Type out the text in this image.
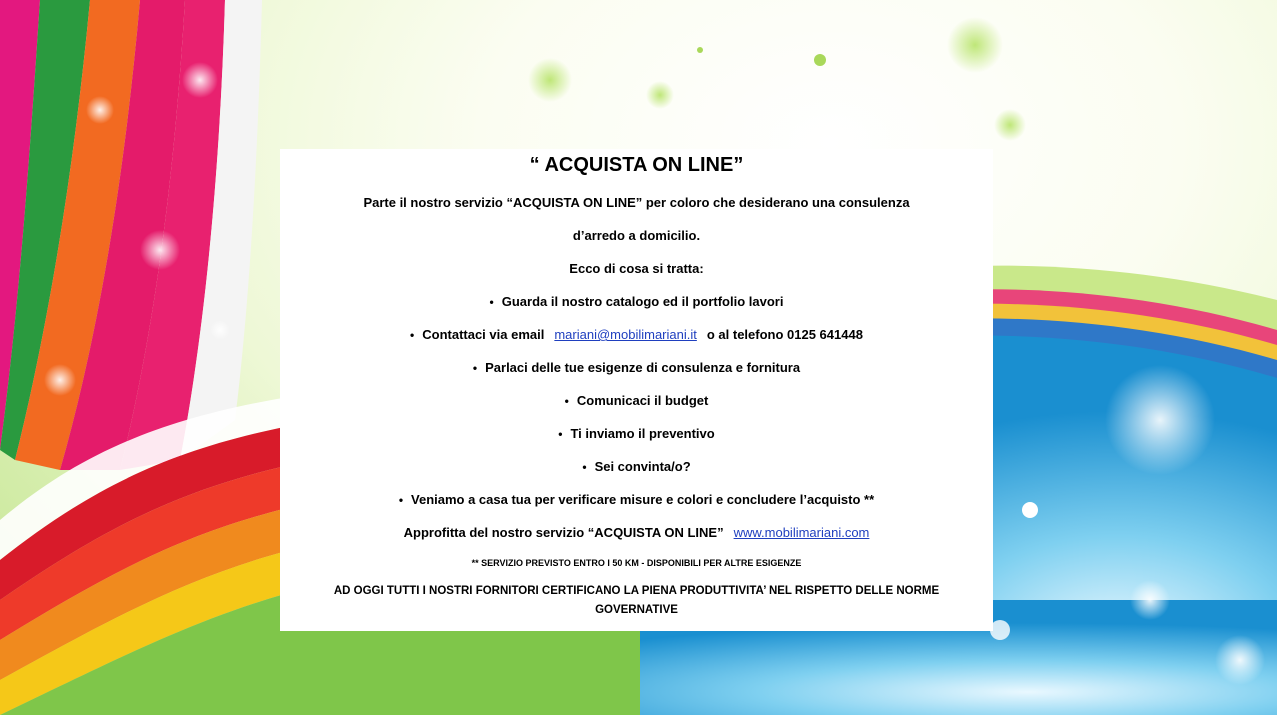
“ ACQUISTA ON LINE”
Parte il nostro servizio “ACQUISTA ON LINE” per coloro che desiderano una consulenza
d’arredo a domicilio.
Ecco di cosa si tratta:
• Guarda il nostro catalogo ed il portfolio lavori
• Contattaci via email mariani@mobilimariani.it o al telefono 0125 641448
• Parlaci delle tue esigenze di consulenza e fornitura
• Comunicaci il budget
• Ti inviamo il preventivo
• Sei convinta/o?
• Veniamo a casa tua per verificare misure e colori e concludere l’acquisto **
Approfitta del nostro servizio “ACQUISTA ON LINE” www.mobilimariani.com
** SERVIZIO PREVISTO ENTRO I 50 KM - DISPONIBILI PER ALTRE ESIGENZE
AD OGGI TUTTI I NOSTRI FORNITORI CERTIFICANO LA PIENA PRODUTTIVITA’ NEL RISPETTO DELLE NORME
GOVERNATIVE
